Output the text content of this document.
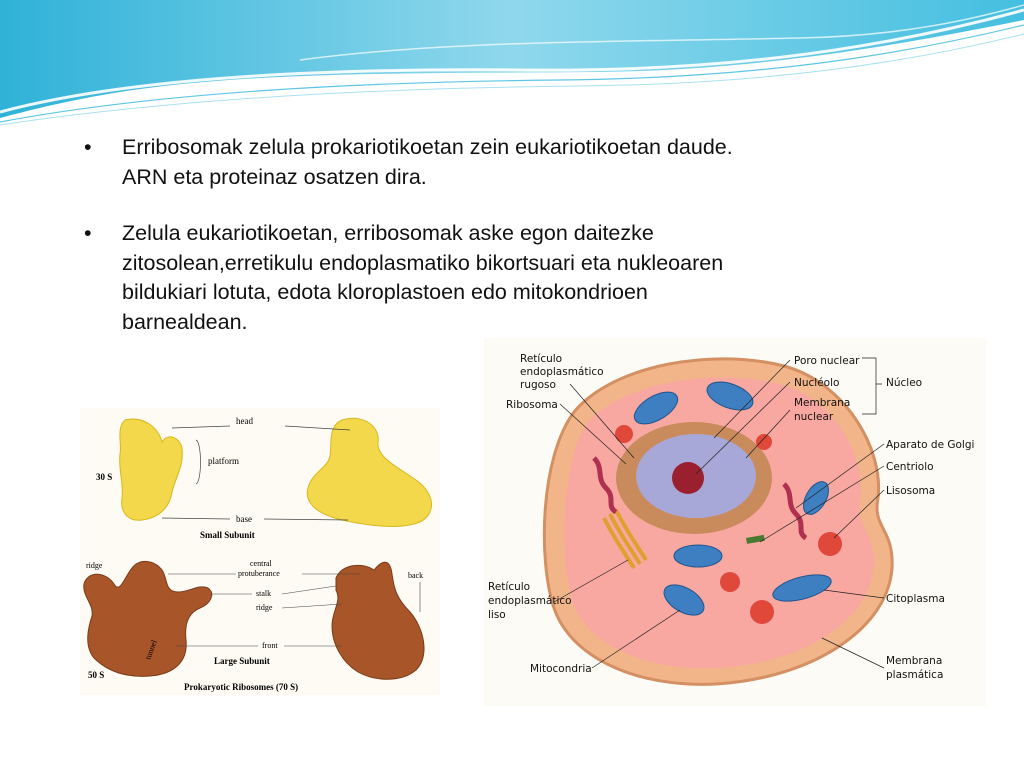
• Erribosomak zelula prokariotikoetan zein eukariotikoetan daude. ARN eta proteinaz osatzen dira.
• Zelula eukariotikoetan, erribosomak aske egon daitezke zitosolean,erretikulu endoplasmatiko bikortsuari eta nukleoaren bildukiari lotuta, edota kloroplastoen edo mitokondrioen barnealdean.
30 S
head
platform
base
Small Subunit
ridge	central
protuberance
stalk
ridge
back
front
tunnel
Large Subunit
50 S
Prokaryotic Ribosomes (70 S)
Retículo
endoplasmático
rugoso
Ribosoma
Poro nuclear
Nucléolo
Membrana
nuclear
Núcleo
Aparato de Golgi
Centriolo
Lisosoma
Retículo
endoplasmático
liso
Citoplasma
Mitocondria
Membrana
plasmática
